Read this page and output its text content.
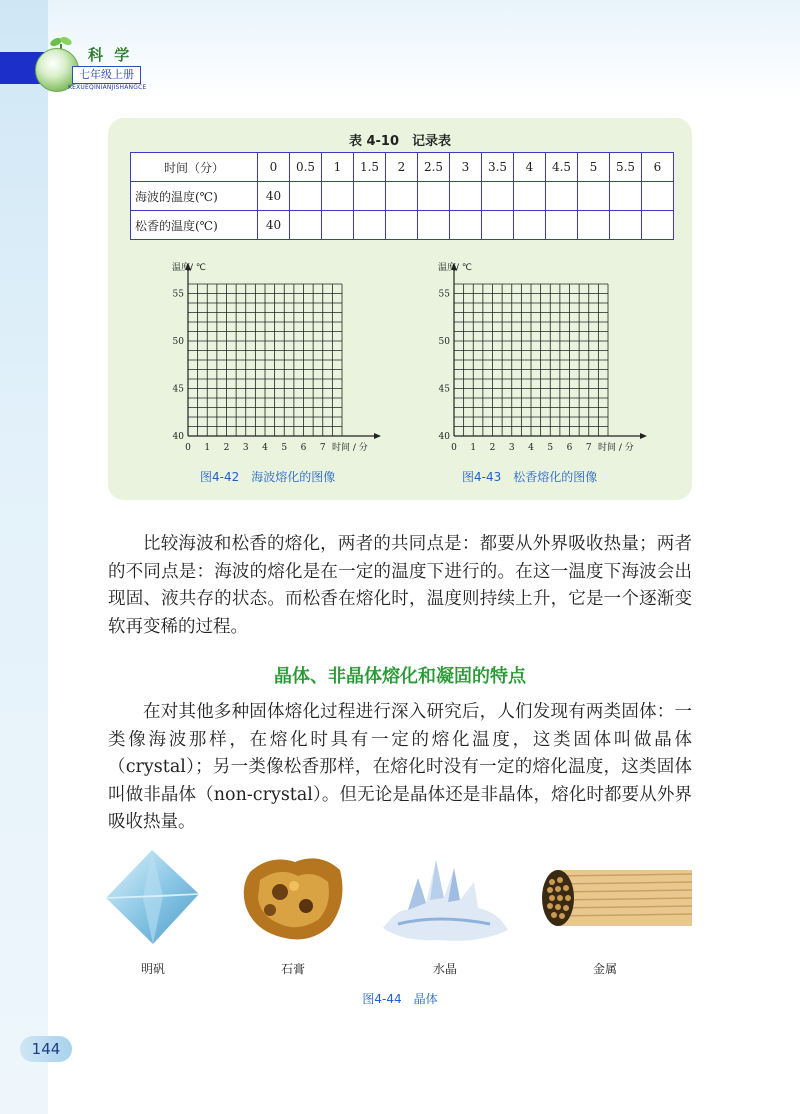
科 学
七年级上册
KEXUEQINIANJISHANGCE
表 4-10　记录表
时间（分）	0	0.5	1	1.5	2	2.5	3	3.5	4	4.5	5	5.5	6
海波的温度(℃)	40												
松香的温度(℃)	40												
40
45
50
55
0 1 2 3 4 5 6 7
温度/ ℃
时间 / 分
40
45
50
55
0 1 2 3 4 5 6 7
温度/ ℃
时间 / 分
图4-42　海波熔化的图像	图4-43　松香熔化的图像
比较海波和松香的熔化，两者的共同点是：都要从外界吸收热量；两者的不同点是：海波的熔化是在一定的温度下进行的。在这一温度下海波会出现固、液共存的状态。而松香在熔化时，温度则持续上升，它是一个逐渐变软再变稀的过程。
晶体、非晶体熔化和凝固的特点
在对其他多种固体熔化过程进行深入研究后，人们发现有两类固体：一类像海波那样，在熔化时具有一定的熔化温度，这类固体叫做晶体（crystal）；另一类像松香那样，在熔化时没有一定的熔化温度，这类固体叫做非晶体（non-crystal）。但无论是晶体还是非晶体，熔化时都要从外界吸收热量。
明矾	石膏	水晶	金属
图4-44　晶体
144
